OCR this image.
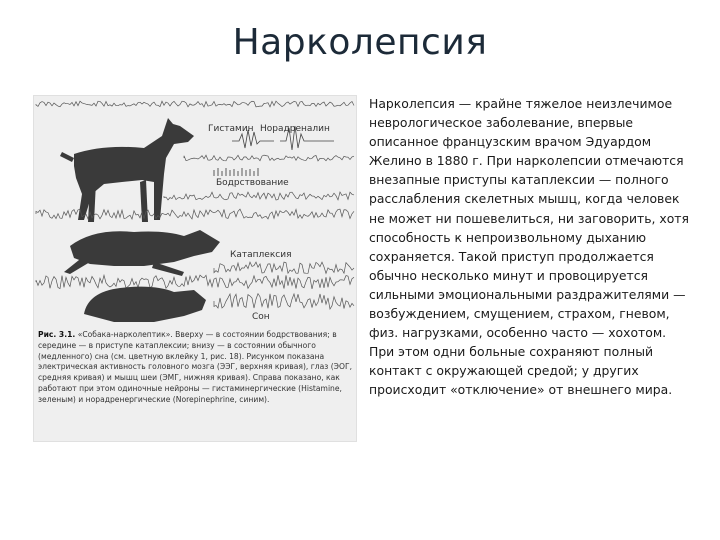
Нарколепсия
Гистамин Норадреналин
Бодрствование
Катаплексия
Сон
Рис. 3.1. «Собака-нарколептик». Вверху — в состоянии бодрствования; в середине — в приступе катаплексии; внизу — в состоянии обычного (медленного) сна (см. цветную вклейку 1, рис. 18). Рисунком показана электрическая активность головного мозга (ЭЭГ, верхняя кривая), глаз (ЭОГ, средняя кривая) и мышц шеи (ЭМГ, нижняя кривая). Справа показано, как работают при этом одиночные нейроны — гистаминергические (Histamine, зеленым) и норадренергические (Norepinephrine, синим).
Нарколепсия — крайне тяжелое неизлечимое неврологическое заболевание, впервые описанное французским врачом Эдуардом Желино в 1880 г. При нарколепсии отмечаются внезапные приступы катаплексии — полного расслабления скелетных мышц, когда человек не может ни пошевелиться, ни заговорить, хотя способность к непроизвольному дыханию сохраняется. Такой приступ продолжается обычно несколько минут и провоцируется сильными эмоциональными раздражителями — возбуждением, смущением, страхом, гневом, физ. нагрузками, особенно часто — хохотом. При этом одни больные сохраняют полный контакт с окружающей средой; у других происходит «отключение» от внешнего мира.
